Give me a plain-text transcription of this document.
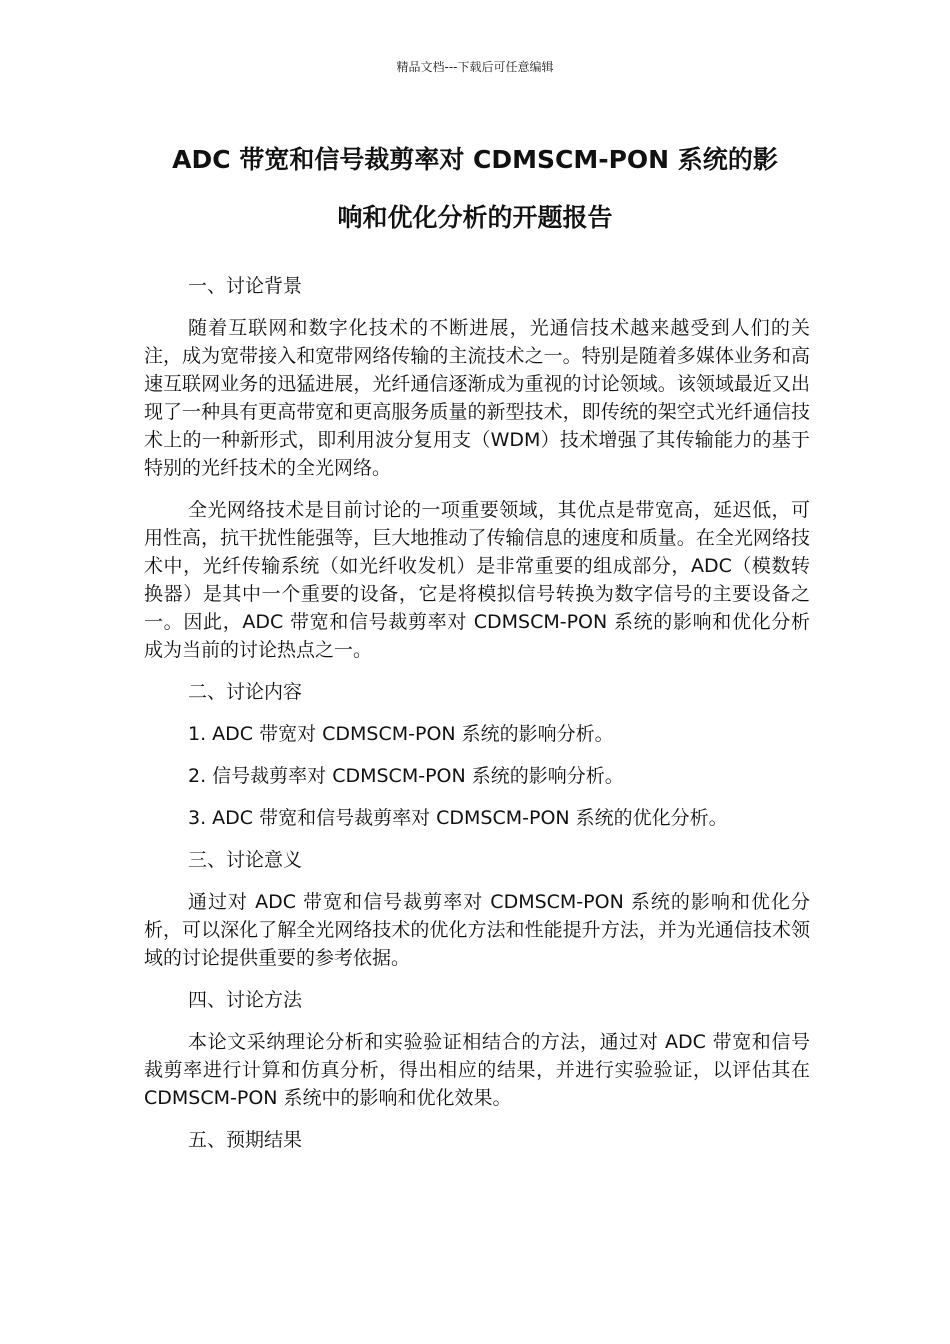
精品文档---下载后可任意编辑
ADC 带宽和信号裁剪率对 CDMSCM-PON 系统的影
响和优化分析的开题报告

一、讨论背景

随着互联网和数字化技术的不断进展，光通信技术越来越受到人们的关注，成为宽带接入和宽带网络传输的主流技术之一。特别是随着多媒体业务和高速互联网业务的迅猛进展，光纤通信逐渐成为重视的讨论领域。该领域最近又出现了一种具有更高带宽和更高服务质量的新型技术，即传统的架空式光纤通信技术上的一种新形式，即利用波分复用支（WDM）技术增强了其传输能力的基于特别的光纤技术的全光网络。

全光网络技术是目前讨论的一项重要领域，其优点是带宽高，延迟低，可用性高，抗干扰性能强等，巨大地推动了传输信息的速度和质量。在全光网络技术中，光纤传输系统（如光纤收发机）是非常重要的组成部分，ADC（模数转换器）是其中一个重要的设备，它是将模拟信号转换为数字信号的主要设备之一。因此，ADC 带宽和信号裁剪率对 CDMSCM-PON 系统的影响和优化分析成为当前的讨论热点之一。

二、讨论内容

1. ADC 带宽对 CDMSCM-PON 系统的影响分析。

2. 信号裁剪率对 CDMSCM-PON 系统的影响分析。

3. ADC 带宽和信号裁剪率对 CDMSCM-PON 系统的优化分析。

三、讨论意义

通过对 ADC 带宽和信号裁剪率对 CDMSCM-PON 系统的影响和优化分析，可以深化了解全光网络技术的优化方法和性能提升方法，并为光通信技术领域的讨论提供重要的参考依据。

四、讨论方法

本论文采纳理论分析和实验验证相结合的方法，通过对 ADC 带宽和信号裁剪率进行计算和仿真分析，得出相应的结果，并进行实验验证，以评估其在 CDMSCM-PON 系统中的影响和优化效果。

五、预期结果
